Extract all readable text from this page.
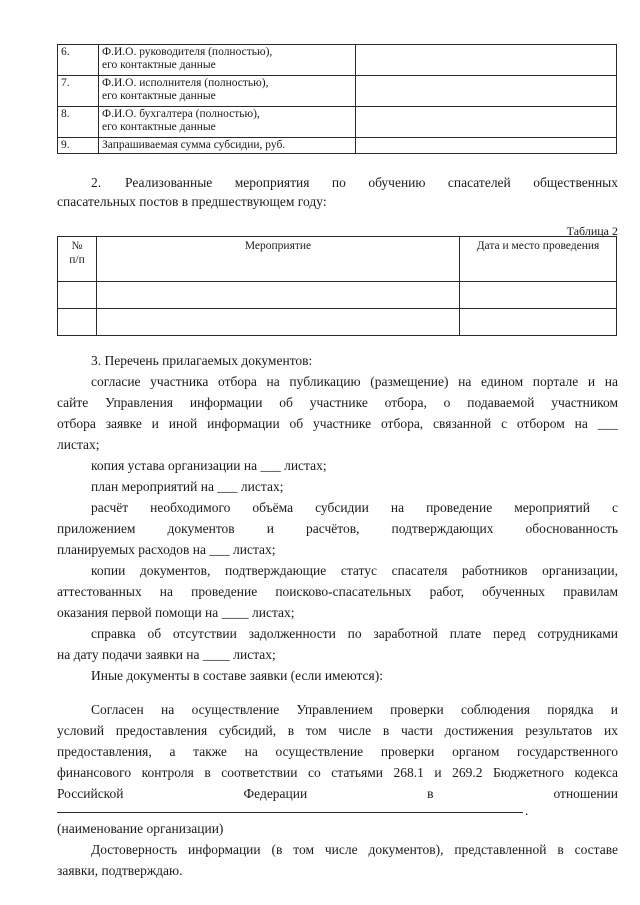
6.	Ф.И.О. руководителя (полностью),
его контактные данные	
7.	Ф.И.О. исполнителя (полностью),
его контактные данные	
8.	Ф.И.О. бухгалтера (полностью),
его контактные данные	
9.	Запрашиваемая сумма субсидии, руб.	
2.	Реализованные мероприятия по обучению спасателей общественных
спасательных постов в предшествующем году:
Таблица 2
№
п/п	Мероприятие	Дата и место проведения

3. Перечень прилагаемых документов:
согласие участника отбора на публикацию (размещение) на едином портале и на
сайте Управления информации об участнике отбора, о подаваемой участником
отбора заявке и иной информации об участнике отбора, связанной с отбором на ___
листах;
копия устава организации на ___ листах;
план мероприятий на ___ листах;
расчёт необходимого объёма субсидии на проведение мероприятий с
приложением документов и расчётов, подтверждающих обоснованность
планируемых расходов на ___ листах;
копии документов, подтверждающие статус спасателя работников организации,
аттестованных на проведение поисково-спасательных работ, обученных правилам
оказания первой помощи на ____ листах;
справка об отсутствии задолженности по заработной плате перед сотрудниками
на дату подачи заявки на ____ листах;
Иные документы в составе заявки (если имеются):
Согласен на осуществление Управлением проверки соблюдения порядка и
условий предоставления субсидий, в том числе в части достижения результатов их
предоставления, а также на осуществление проверки органом государственного
финансового контроля в соответствии со статьями 268.1 и 269.2 Бюджетного кодекса
Российской	Федерации	в	отношении
.
(наименование организации)
Достоверность информации (в том числе документов), представленной в составе
заявки, подтверждаю.
